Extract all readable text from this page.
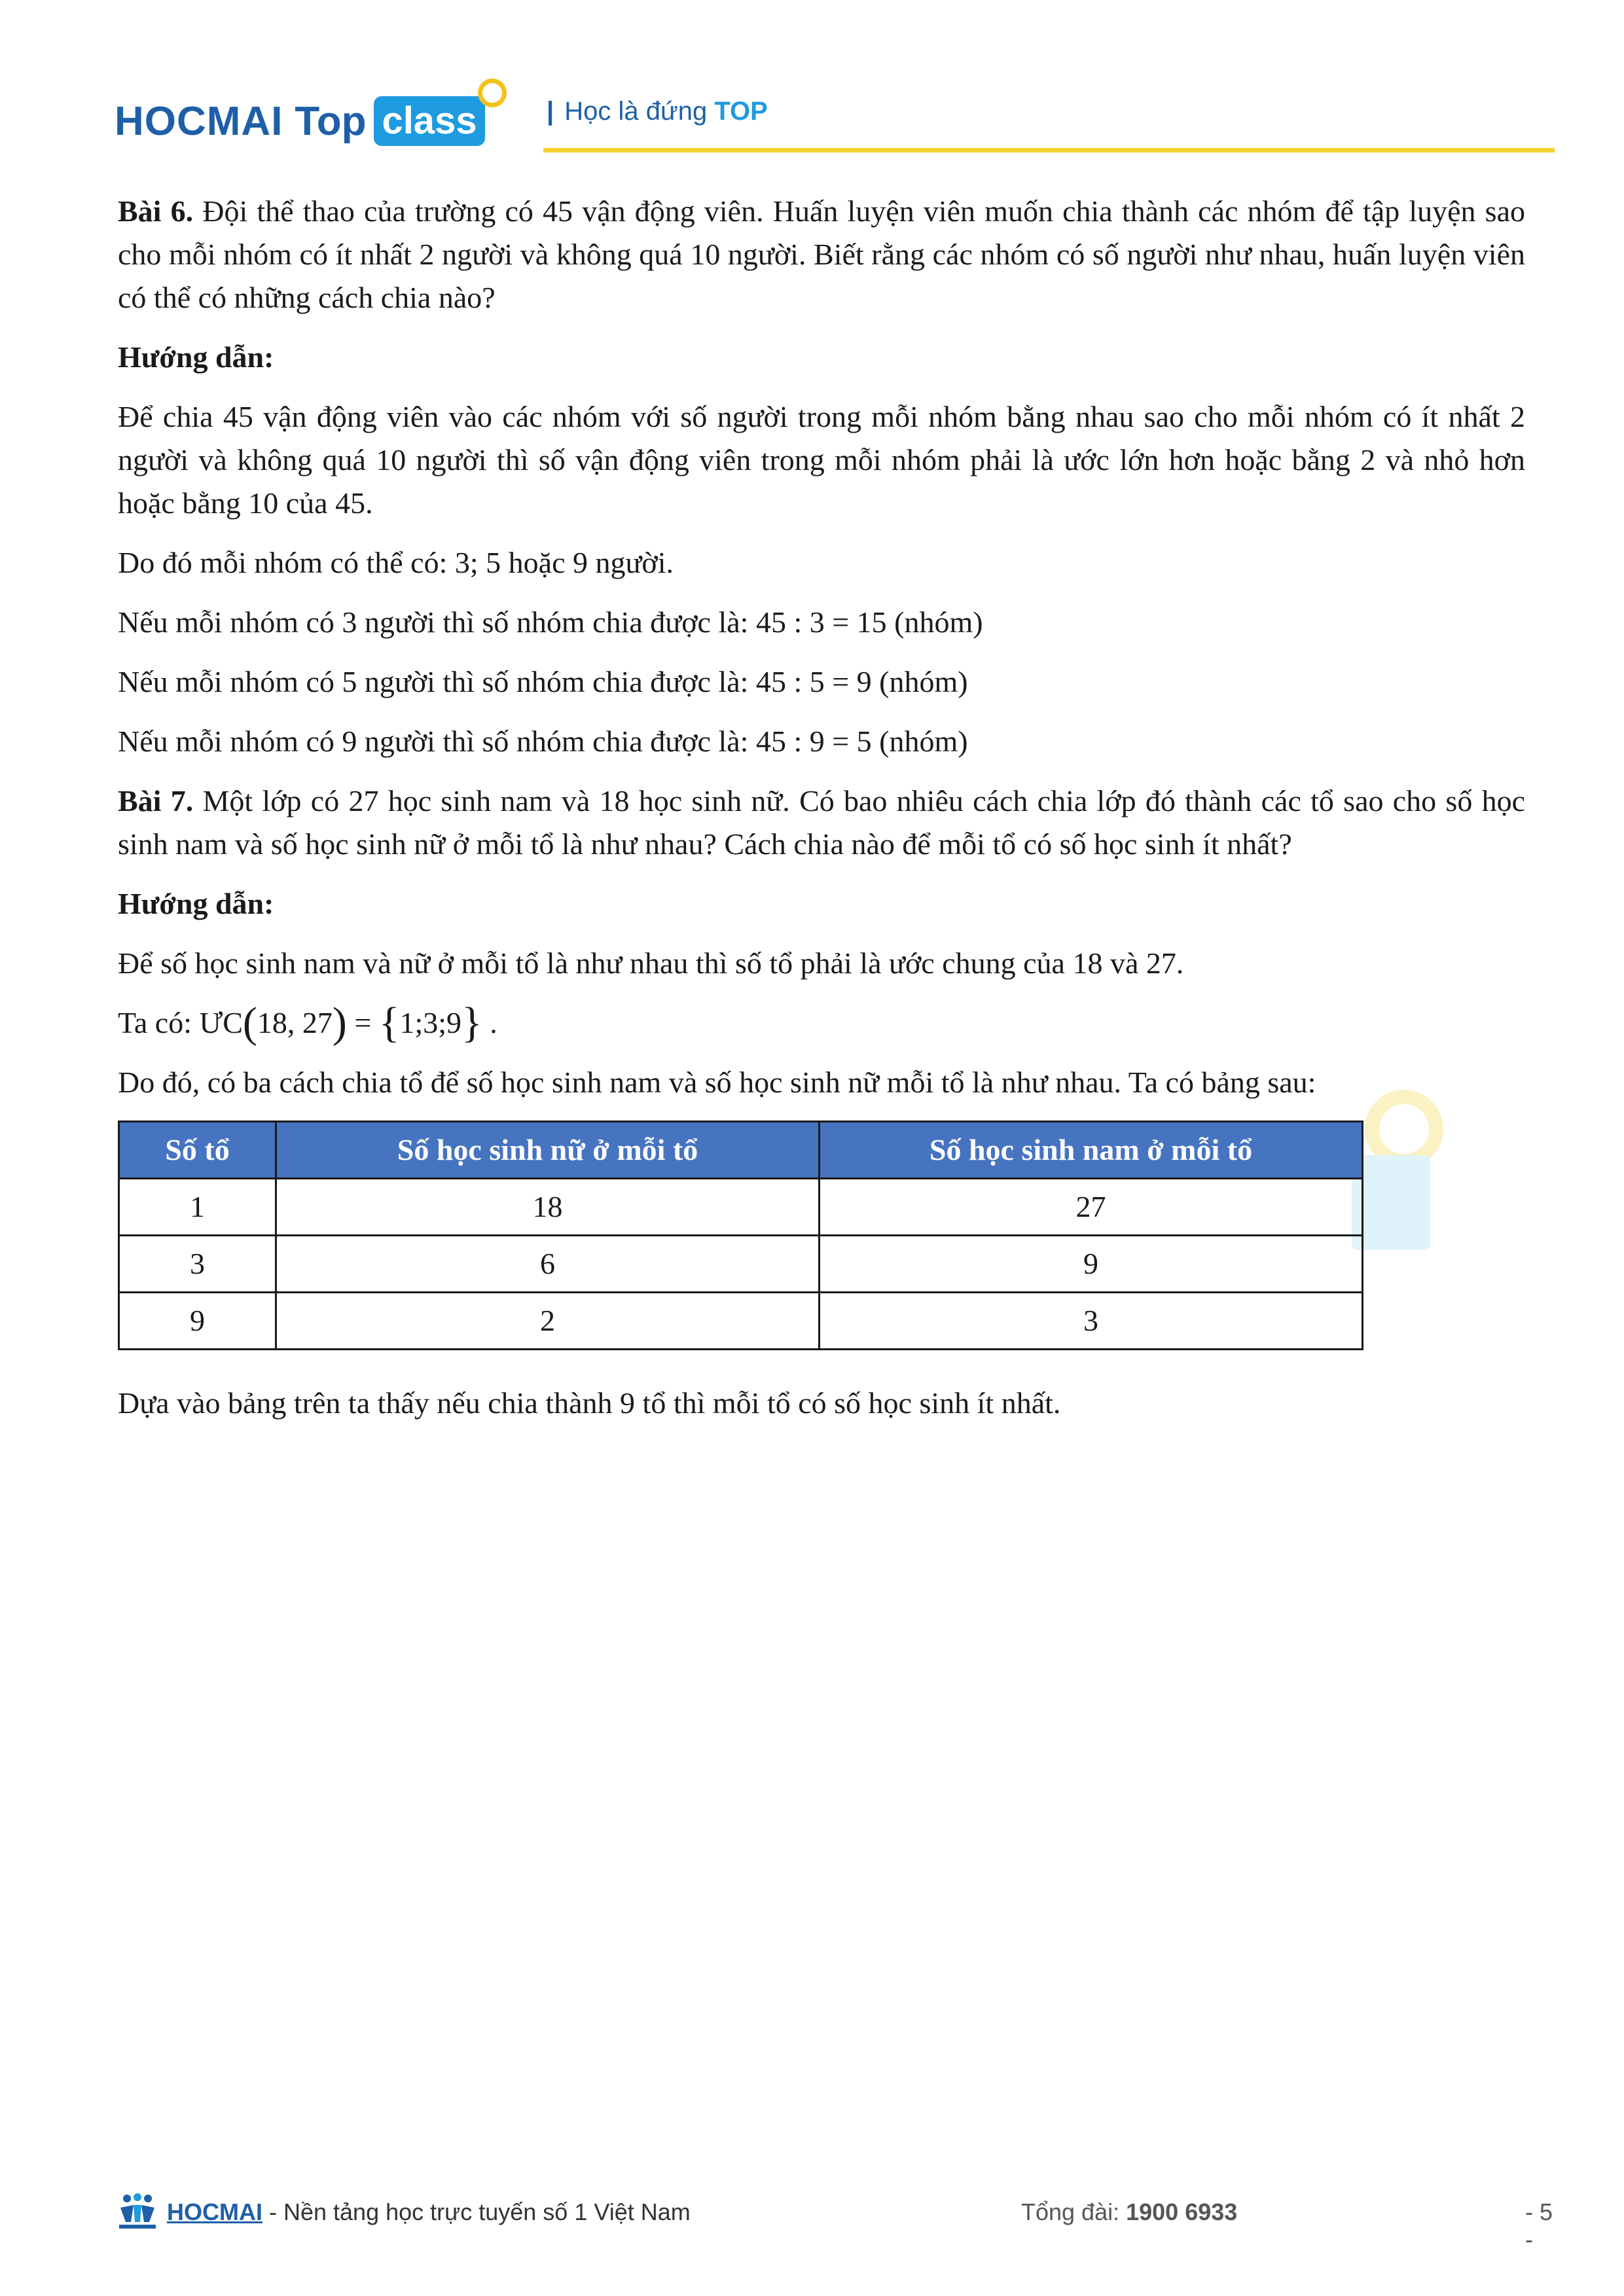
HOCMAI Top class	| Học là đứng TOP

Bài 6. Đội thể thao của trường có 45 vận động viên. Huấn luyện viên muốn chia thành các nhóm để tập luyện sao cho mỗi nhóm có ít nhất 2 người và không quá 10 người. Biết rằng các nhóm có số người như nhau, huấn luyện viên có thể có những cách chia nào?

Hướng dẫn:

Để chia 45 vận động viên vào các nhóm với số người trong mỗi nhóm bằng nhau sao cho mỗi nhóm có ít nhất 2 người và không quá 10 người thì số vận động viên trong mỗi nhóm phải là ước lớn hơn hoặc bằng 2 và nhỏ hơn hoặc bằng 10 của 45.

Do đó mỗi nhóm có thể có: 3; 5 hoặc 9 người.

Nếu mỗi nhóm có 3 người thì số nhóm chia được là: 45 : 3 = 15 (nhóm)

Nếu mỗi nhóm có 5 người thì số nhóm chia được là: 45 : 5 = 9 (nhóm)

Nếu mỗi nhóm có 9 người thì số nhóm chia được là: 45 : 9 = 5 (nhóm)

Bài 7. Một lớp có 27 học sinh nam và 18 học sinh nữ. Có bao nhiêu cách chia lớp đó thành các tổ sao cho số học sinh nam và số học sinh nữ ở mỗi tổ là như nhau? Cách chia nào để mỗi tổ có số học sinh ít nhất?

Hướng dẫn:

Để số học sinh nam và nữ ở mỗi tổ là như nhau thì số tổ phải là ước chung của 18 và 27.

Ta có: ƯC(18, 27) = {1;3;9} .

Do đó, có ba cách chia tổ để số học sinh nam và số học sinh nữ mỗi tổ là như nhau. Ta có bảng sau:

Số tổ	Số học sinh nữ ở mỗi tổ	Số học sinh nam ở mỗi tổ
1	18	27
3	6	9
9	2	3

Dựa vào bảng trên ta thấy nếu chia thành 9 tổ thì mỗi tổ có số học sinh ít nhất.

HOCMAI - Nền tảng học trực tuyến số 1 Việt Nam	Tổng đài: 1900 6933	- 5 -
